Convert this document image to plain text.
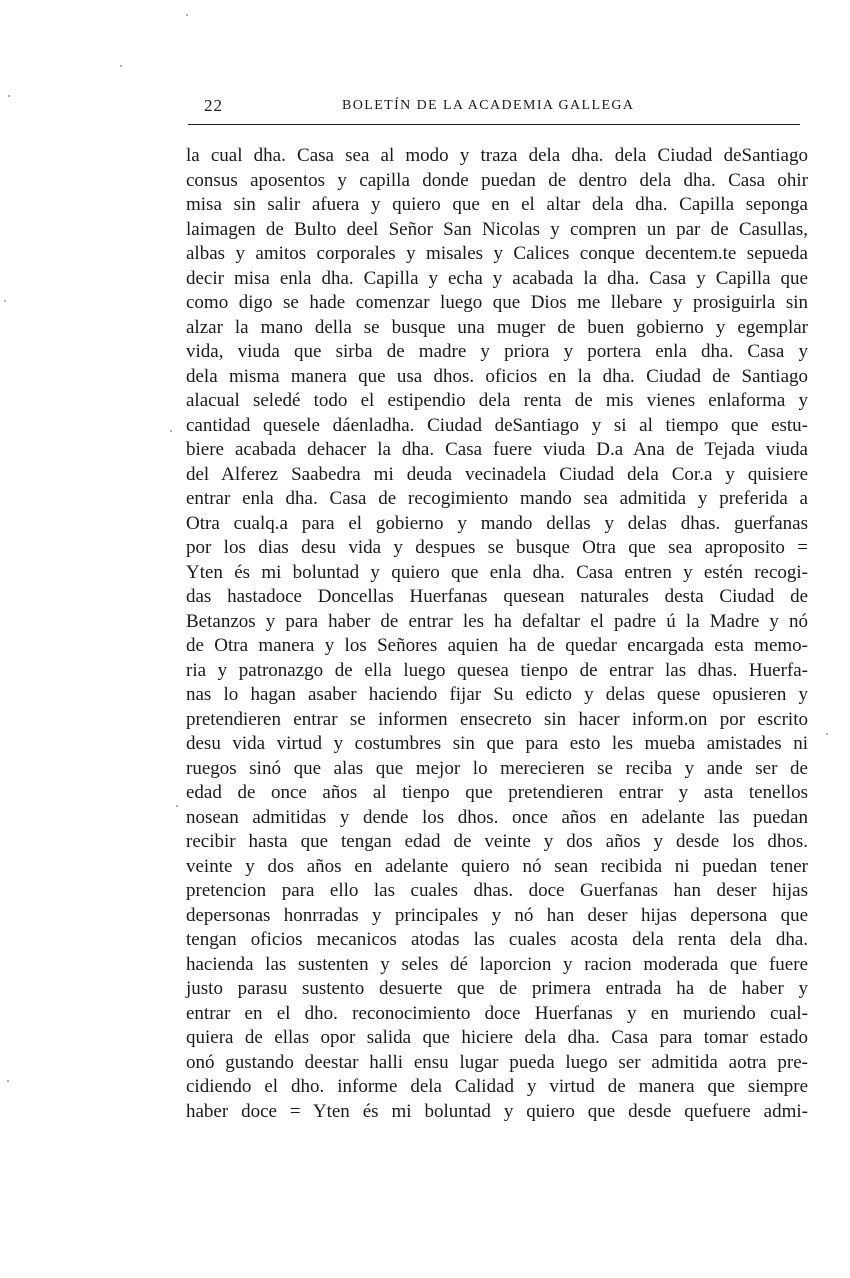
22	BOLETÍN DE LA ACADEMIA GALLEGA
la cual dha. Casa sea al modo y traza dela dha. dela Ciudad deSantiago
consus aposentos y capilla donde puedan de dentro dela dha. Casa ohir
misa sin salir afuera y quiero que en el altar dela dha. Capilla seponga
laimagen de Bulto deel Señor San Nicolas y compren un par de Casullas,
albas y amitos corporales y misales y Calices conque decentem.te sepueda
decir misa enla dha. Capilla y echa y acabada la dha. Casa y Capilla que
como digo se hade comenzar luego que Dios me llebare y prosiguirla sin
alzar la mano della se busque una muger de buen gobierno y egemplar
vida, viuda que sirba de madre y priora y portera enla dha. Casa y
dela misma manera que usa dhos. oficios en la dha. Ciudad de Santiago
alacual seledé todo el estipendio dela renta de mis vienes enlaforma y
cantidad quesele dáenladha. Ciudad deSantiago y si al tiempo que estu-
biere acabada dehacer la dha. Casa fuere viuda D.a Ana de Tejada viuda
del Alferez Saabedra mi deuda vecinadela Ciudad dela Cor.a y quisiere
entrar enla dha. Casa de recogimiento mando sea admitida y preferida a
Otra cualq.a para el gobierno y mando dellas y delas dhas. guerfanas
por los dias desu vida y despues se busque Otra que sea aproposito =
Yten és mi boluntad y quiero que enla dha. Casa entren y estén recogi-
das hastadoce Doncellas Huerfanas quesean naturales desta Ciudad de
Betanzos y para haber de entrar les ha defaltar el padre ú la Madre y nó
de Otra manera y los Señores aquien ha de quedar encargada esta memo-
ria y patronazgo de ella luego quesea tienpo de entrar las dhas. Huerfa-
nas lo hagan asaber haciendo fijar Su edicto y delas quese opusieren y
pretendieren entrar se informen ensecreto sin hacer inform.on por escrito
desu vida virtud y costumbres sin que para esto les mueba amistades ni
ruegos sinó que alas que mejor lo merecieren se reciba y ande ser de
edad de once años al tienpo que pretendieren entrar y asta tenellos
nosean admitidas y dende los dhos. once años en adelante las puedan
recibir hasta que tengan edad de veinte y dos años y desde los dhos.
veinte y dos años en adelante quiero nó sean recibida ni puedan tener
pretencion para ello las cuales dhas. doce Guerfanas han deser hijas
depersonas honrradas y principales y nó han deser hijas depersona que
tengan oficios mecanicos atodas las cuales acosta dela renta dela dha.
hacienda las sustenten y seles dé laporcion y racion moderada que fuere
justo parasu sustento desuerte que de primera entrada ha de haber y
entrar en el dho. reconocimiento doce Huerfanas y en muriendo cual-
quiera de ellas opor salida que hiciere dela dha. Casa para tomar estado
onó gustando deestar halli ensu lugar pueda luego ser admitida aotra pre-
cidiendo el dho. informe dela Calidad y virtud de manera que siempre
haber doce = Yten és mi boluntad y quiero que desde quefuere admi-
